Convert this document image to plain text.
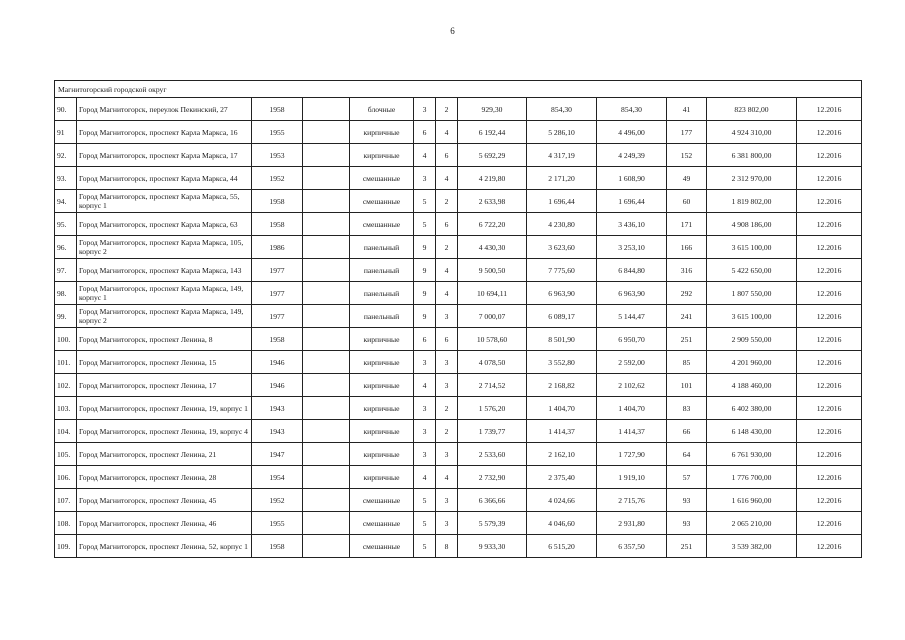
6
Магнитогорский городской округ												
90.	Город Магнитогорск, переулок Пекинский, 27	1958		блочные	3	2	929,30	854,30	854,30	41	823 802,00	12.2016
91	Город Магнитогорск, проспект Карла Маркса, 16	1955		кирпичные	6	4	6 192,44	5 286,10	4 496,00	177	4 924 310,00	12.2016
92.	Город Магнитогорск, проспект Карла Маркса, 17	1953		кирпичные	4	6	5 692,29	4 317,19	4 249,39	152	6 381 800,00	12.2016
93.	Город Магнитогорск, проспект Карла Маркса, 44	1952		смешанные	3	4	4 219,80	2 171,20	1 608,90	49	2 312 970,00	12.2016
94.	Город Магнитогорск, проспект Карла Маркса, 55, корпус 1	1958		смешанные	5	2	2 633,98	1 696,44	1 696,44	60	1 819 802,00	12.2016
95.	Город Магнитогорск, проспект Карла Маркса, 63	1958		смешанные	5	6	6 722,20	4 230,80	3 436,10	171	4 908 186,00	12.2016
96.	Город Магнитогорск, проспект Карла Маркса, 105, корпус 2	1986		панельный	9	2	4 430,30	3 623,60	3 253,10	166	3 615 100,00	12.2016
97.	Город Магнитогорск, проспект Карла Маркса, 143	1977		панельный	9	4	9 500,50	7 775,60	6 844,80	316	5 422 650,00	12.2016
98.	Город Магнитогорск, проспект Карла Маркса, 149, корпус 1	1977		панельный	9	4	10 694,11	6 963,90	6 963,90	292	1 807 550,00	12.2016
99.	Город Магнитогорск, проспект Карла Маркса, 149, корпус 2	1977		панельный	9	3	7 000,07	6 089,17	5 144,47	241	3 615 100,00	12.2016
100.	Город Магнитогорск, проспект Ленина, 8	1958		кирпичные	6	6	10 578,60	8 501,90	6 950,70	251	2 909 550,00	12.2016
101.	Город Магнитогорск, проспект Ленина, 15	1946		кирпичные	3	3	4 078,50	3 552,80	2 592,00	85	4 201 960,00	12.2016
102.	Город Магнитогорск, проспект Ленина, 17	1946		кирпичные	4	3	2 714,52	2 168,82	2 102,62	101	4 188 460,00	12.2016
103.	Город Магнитогорск, проспект Ленина, 19, корпус 1	1943		кирпичные	3	2	1 576,20	1 404,70	1 404,70	83	6 402 380,00	12.2016
104.	Город Магнитогорск, проспект Ленина, 19, корпус 4	1943		кирпичные	3	2	1 739,77	1 414,37	1 414,37	66	6 148 430,00	12.2016
105.	Город Магнитогорск, проспект Ленина, 21	1947		кирпичные	3	3	2 533,60	2 162,10	1 727,90	64	6 761 930,00	12.2016
106.	Город Магнитогорск, проспект Ленина, 28	1954		кирпичные	4	4	2 732,90	2 375,40	1 919,10	57	1 776 700,00	12.2016
107.	Город Магнитогорск, проспект Ленина, 45	1952		смешанные	5	3	6 366,66	4 024,66	2 715,76	93	1 616 960,00	12.2016
108.	Город Магнитогорск, проспект Ленина, 46	1955		смешанные	5	3	5 579,39	4 046,60	2 931,80	93	2 065 210,00	12.2016
109.	Город Магнитогорск, проспект Ленина, 52, корпус 1	1958		смешанные	5	8	9 933,30	6 515,20	6 357,50	251	3 539 382,00	12.2016
